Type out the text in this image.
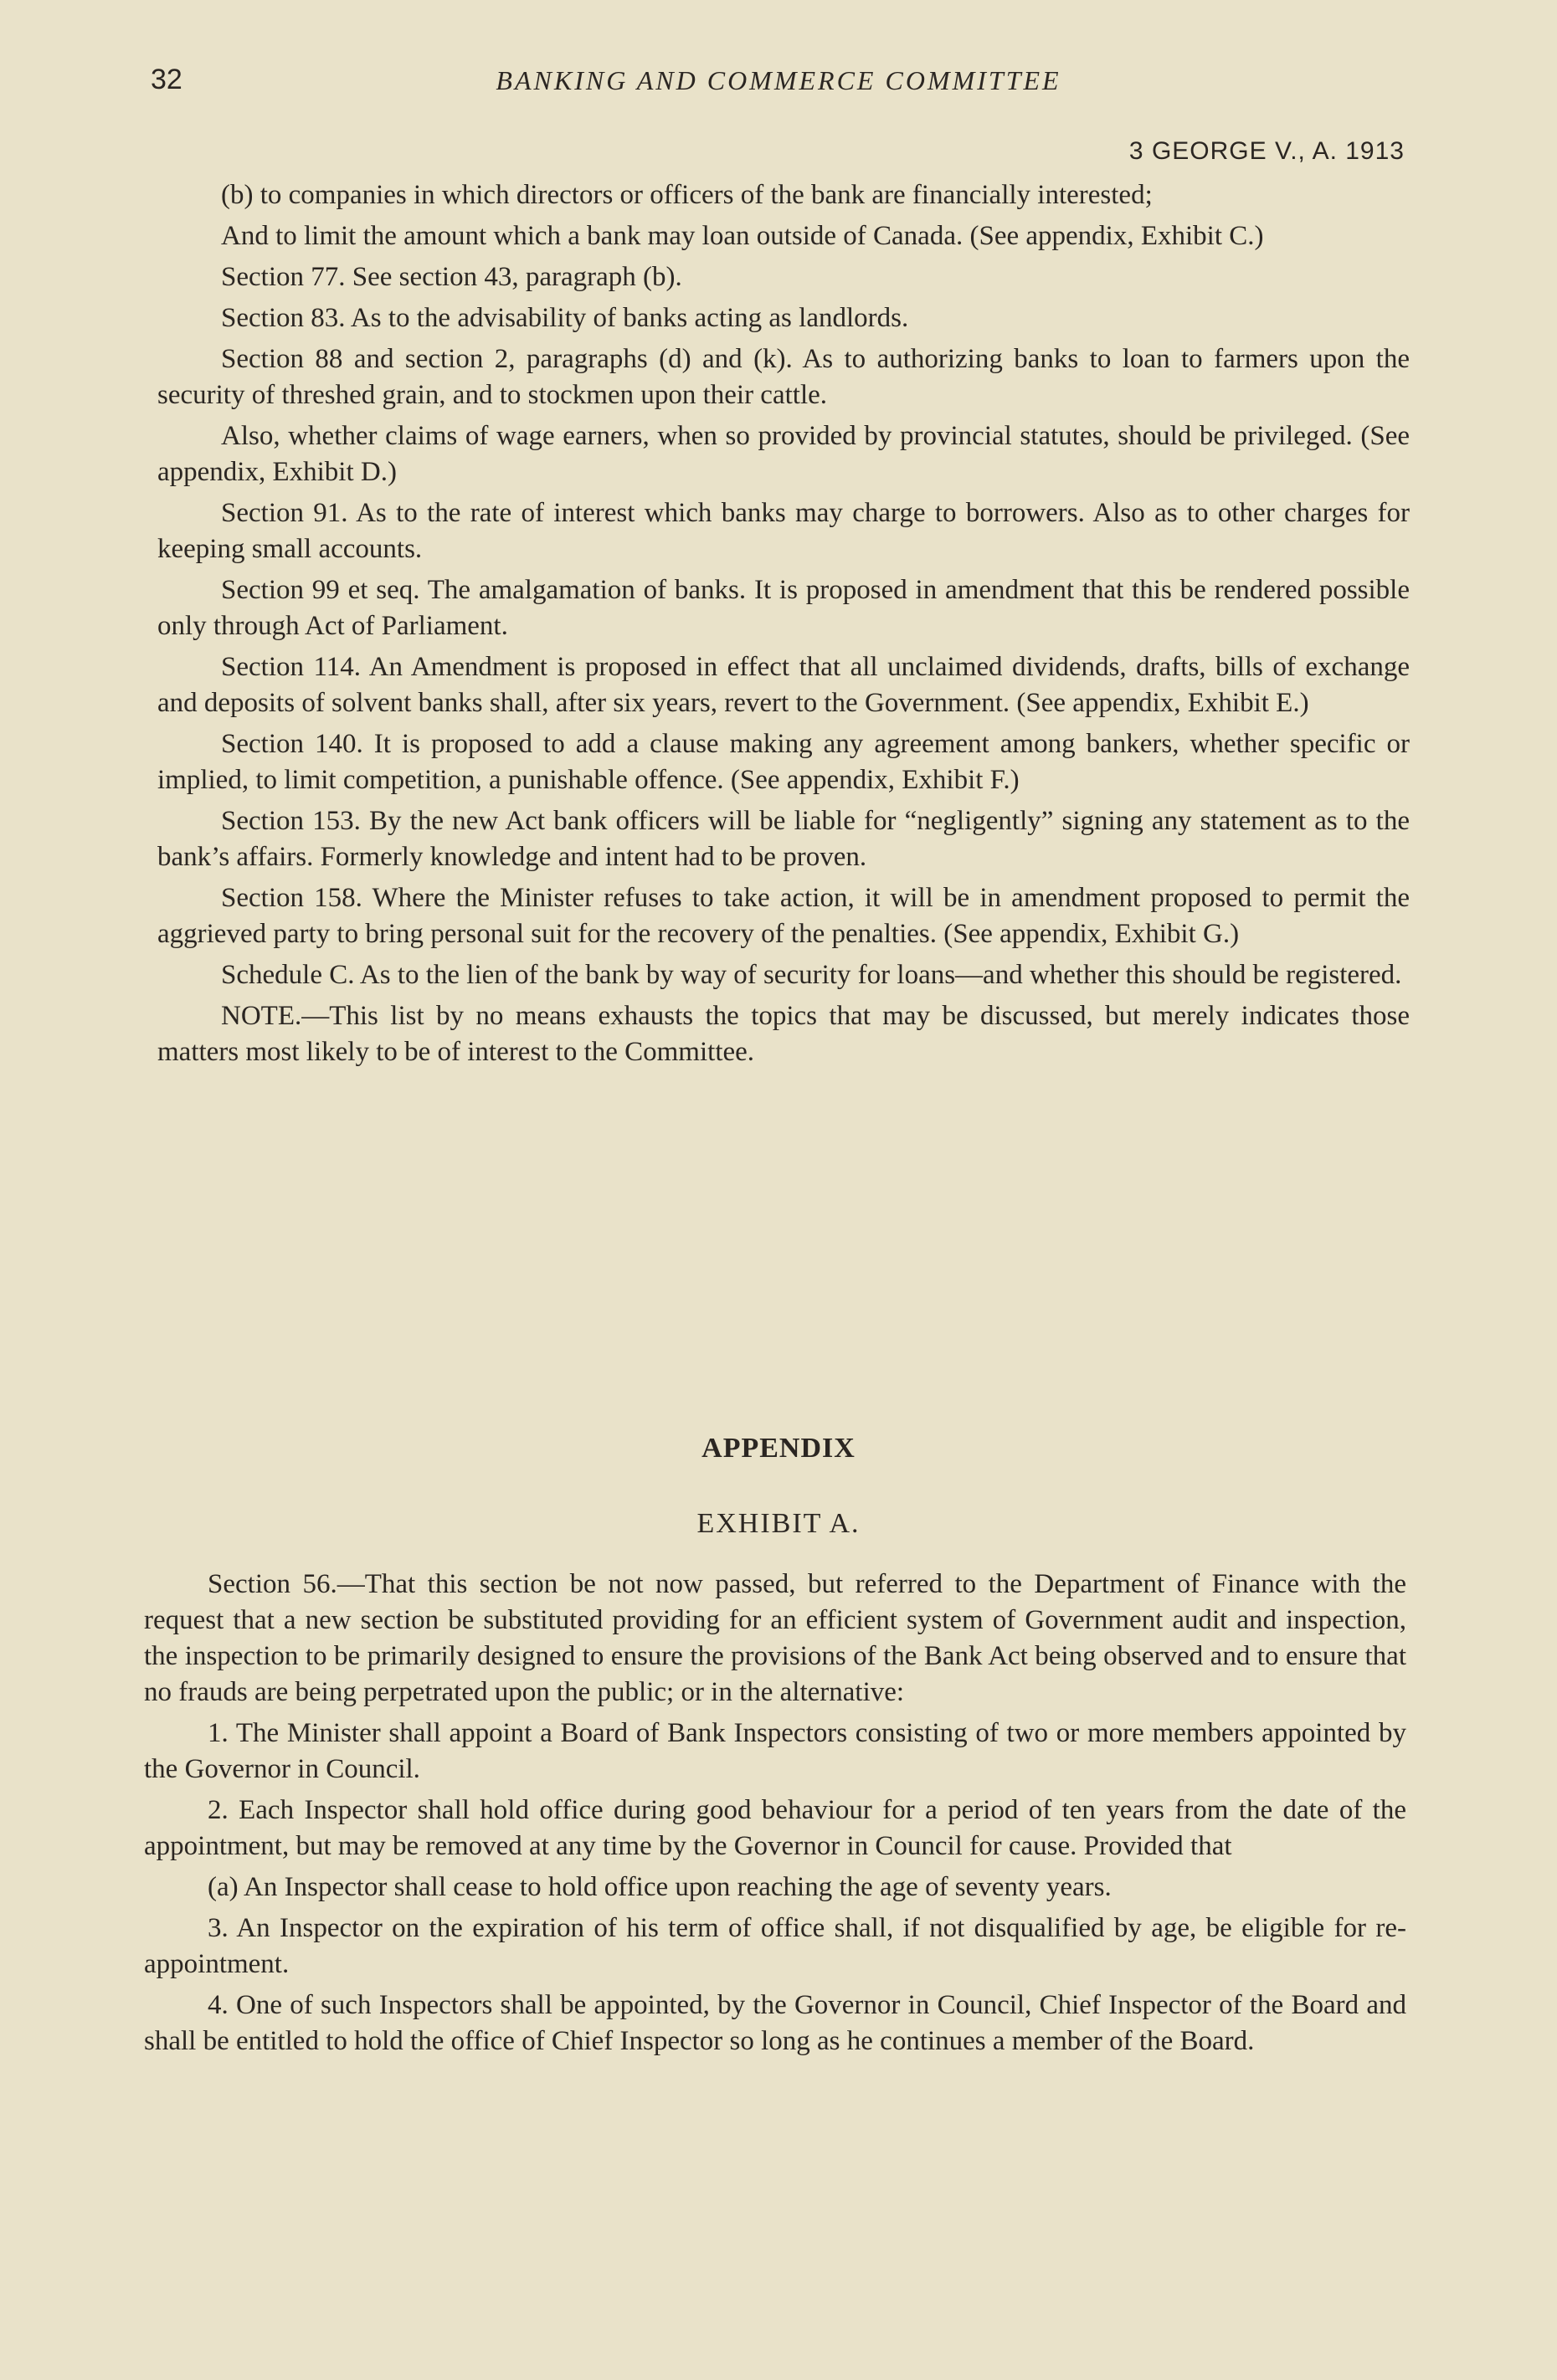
32	BANKING AND COMMERCE COMMITTEE
3 GEORGE V., A. 1913

(b) to companies in which directors or officers of the bank are financially interested;

And to limit the amount which a bank may loan outside of Canada. (See appendix, Exhibit C.)

Section 77. See section 43, paragraph (b).

Section 83. As to the advisability of banks acting as landlords.

Section 88 and section 2, paragraphs (d) and (k). As to authorizing banks to loan to farmers upon the security of threshed grain, and to stockmen upon their cattle.

Also, whether claims of wage earners, when so provided by provincial statutes, should be privileged. (See appendix, Exhibit D.)

Section 91. As to the rate of interest which banks may charge to borrowers. Also as to other charges for keeping small accounts.

Section 99 et seq. The amalgamation of banks. It is proposed in amendment that this be rendered possible only through Act of Parliament.

Section 114. An Amendment is proposed in effect that all unclaimed dividends, drafts, bills of exchange and deposits of solvent banks shall, after six years, revert to the Government. (See appendix, Exhibit E.)

Section 140. It is proposed to add a clause making any agreement among bankers, whether specific or implied, to limit competition, a punishable offence. (See appendix, Exhibit F.)

Section 153. By the new Act bank officers will be liable for “negligently” signing any statement as to the bank’s affairs. Formerly knowledge and intent had to be proven.

Section 158. Where the Minister refuses to take action, it will be in amendment proposed to permit the aggrieved party to bring personal suit for the recovery of the penalties. (See appendix, Exhibit G.)

Schedule C. As to the lien of the bank by way of security for loans—and whether this should be registered.

NOTE.—This list by no means exhausts the topics that may be discussed, but merely indicates those matters most likely to be of interest to the Committee.

APPENDIX
EXHIBIT A.

Section 56.—That this section be not now passed, but referred to the Department of Finance with the request that a new section be substituted providing for an efficient system of Government audit and inspection, the inspection to be primarily designed to ensure the provisions of the Bank Act being observed and to ensure that no frauds are being perpetrated upon the public; or in the alternative:

1. The Minister shall appoint a Board of Bank Inspectors consisting of two or more members appointed by the Governor in Council.

2. Each Inspector shall hold office during good behaviour for a period of ten years from the date of the appointment, but may be removed at any time by the Governor in Council for cause. Provided that

(a) An Inspector shall cease to hold office upon reaching the age of seventy years.

3. An Inspector on the expiration of his term of office shall, if not disqualified by age, be eligible for re-appointment.

4. One of such Inspectors shall be appointed, by the Governor in Council, Chief Inspector of the Board and shall be entitled to hold the office of Chief Inspector so long as he continues a member of the Board.
